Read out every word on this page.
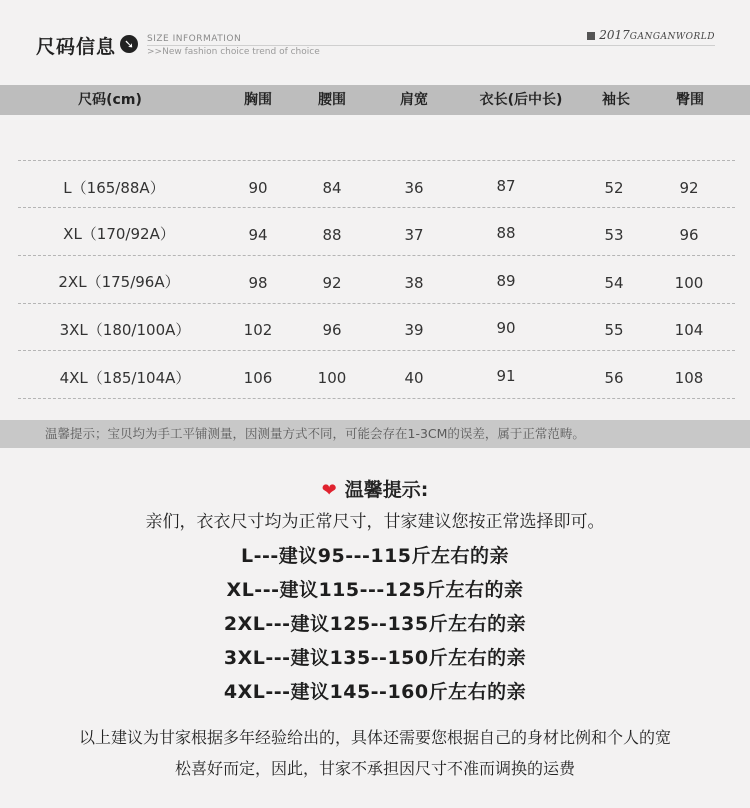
尺码信息 ➘	SIZE INFORMATION
>>New fashion choice trend of choice
2017GANGANWORLD
尺码(cm)	胸围	腰围	肩宽	衣长(后中长)	袖长	臀围
L（165/88A）	90	84	36	87	52	92
XL（170/92A）	94	88	37	88	53	96
2XL（175/96A）	98	92	38	89	54	100
3XL（180/100A）	102	96	39	90	55	104
4XL（185/104A）	106	100	40	91	56	108
温馨提示；宝贝均为手工平铺测量，因测量方式不同，可能会存在1-3CM的误差，属于正常范畴。
❤ 温馨提示:
亲们，衣衣尺寸均为正常尺寸，甘家建议您按正常选择即可。
L---建议95---115斤左右的亲
XL---建议115---125斤左右的亲
2XL---建议125--135斤左右的亲
3XL---建议135--150斤左右的亲
4XL---建议145--160斤左右的亲
以上建议为甘家根据多年经验给出的，具体还需要您根据自己的身材比例和个人的宽
松喜好而定，因此，甘家不承担因尺寸不准而调换的运费
